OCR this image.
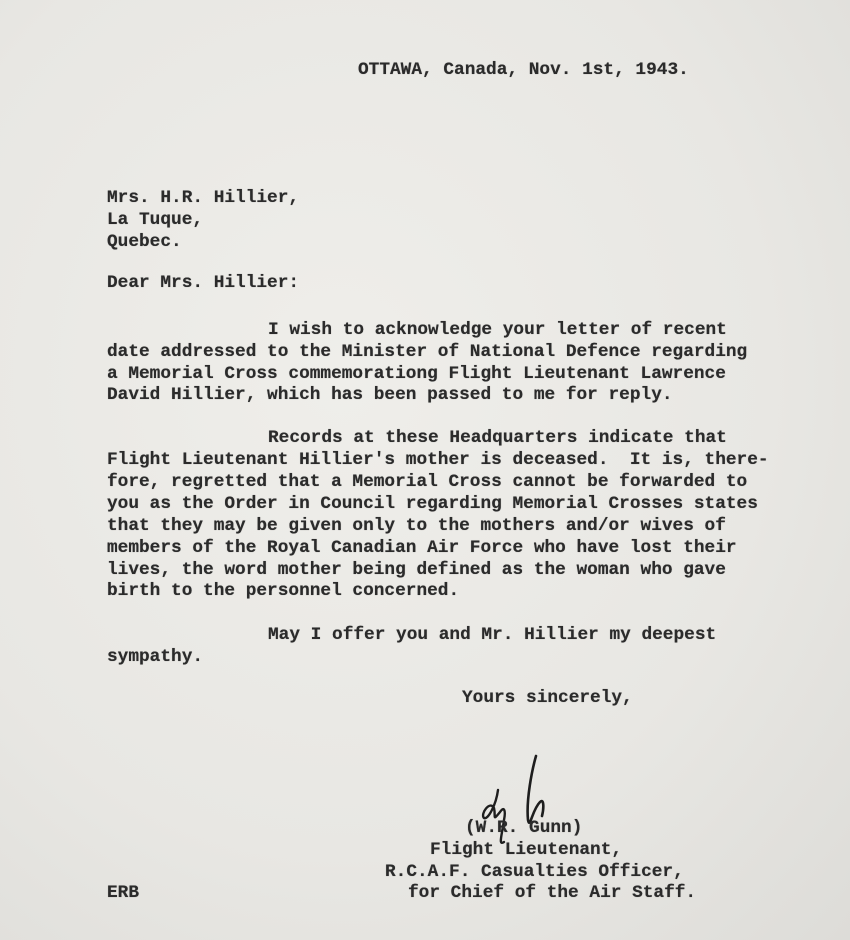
OTTAWA, Canada, Nov. 1st, 1943.
Mrs. H.R. Hillier,
La Tuque,
Quebec.
Dear Mrs. Hillier:
I wish to acknowledge your letter of recent
date addressed to the Minister of National Defence regarding
a Memorial Cross commemorationg Flight Lieutenant Lawrence
David Hillier, which has been passed to me for reply.
Records at these Headquarters indicate that
Flight Lieutenant Hillier's mother is deceased.  It is, there-
fore, regretted that a Memorial Cross cannot be forwarded to
you as the Order in Council regarding Memorial Crosses states
that they may be given only to the mothers and/or wives of
members of the Royal Canadian Air Force who have lost their
lives, the word mother being defined as the woman who gave
birth to the personnel concerned.
May I offer you and Mr. Hillier my deepest
sympathy.
Yours sincerely,
(W.R. Gunn)
Flight Lieutenant,
R.C.A.F. Casualties Officer,
for Chief of the Air Staff.
ERB
